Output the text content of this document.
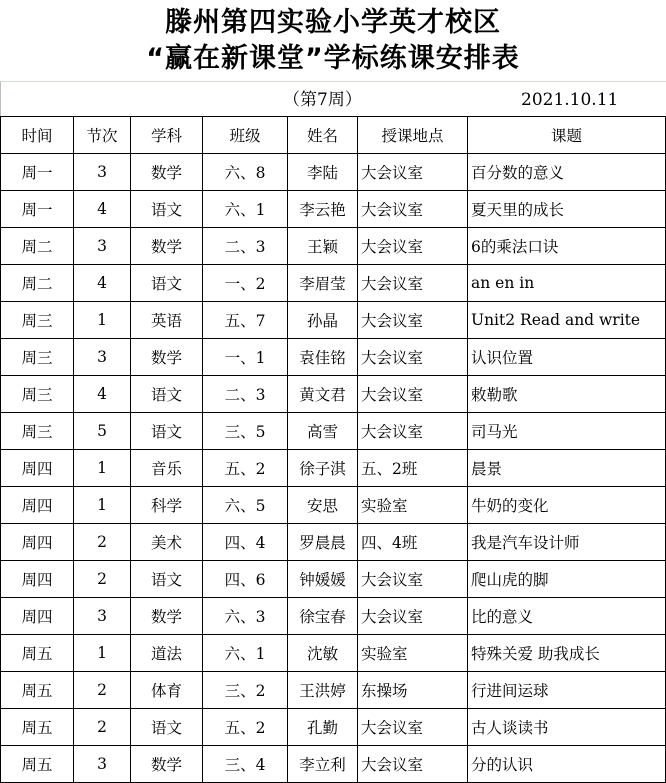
滕州第四实验小学英才校区
“赢在新课堂”学标练课安排表
（第7周）	2021.10.11
时间	节次	学科	班级	姓名	授课地点	课题
周一	3	数学	六、8	李陆	大会议室	百分数的意义
周一	4	语文	六、1	李云艳	大会议室	夏天里的成长
周二	3	数学	二、3	王颖	大会议室	6的乘法口诀
周二	4	语文	一、2	李眉莹	大会议室	an en in
周三	1	英语	五、7	孙晶	大会议室	Unit2 Read and write
周三	3	数学	一、1	袁佳铭	大会议室	认识位置
周三	4	语文	二、3	黄文君	大会议室	敕勒歌
周三	5	语文	三、5	高雪	大会议室	司马光
周四	1	音乐	五、2	徐子淇	五、2班	晨景
周四	1	科学	六、5	安思	实验室	牛奶的变化
周四	2	美术	四、4	罗晨晨	四、4班	我是汽车设计师
周四	2	语文	四、6	钟媛媛	大会议室	爬山虎的脚
周四	3	数学	六、3	徐宝春	大会议室	比的意义
周五	1	道法	六、1	沈敏	实验室	特殊关爱 助我成长
周五	2	体育	三、2	王洪婷	东操场	行进间运球
周五	2	语文	五、2	孔勤	大会议室	古人谈读书
周五	3	数学	三、4	李立利	大会议室	分的认识
